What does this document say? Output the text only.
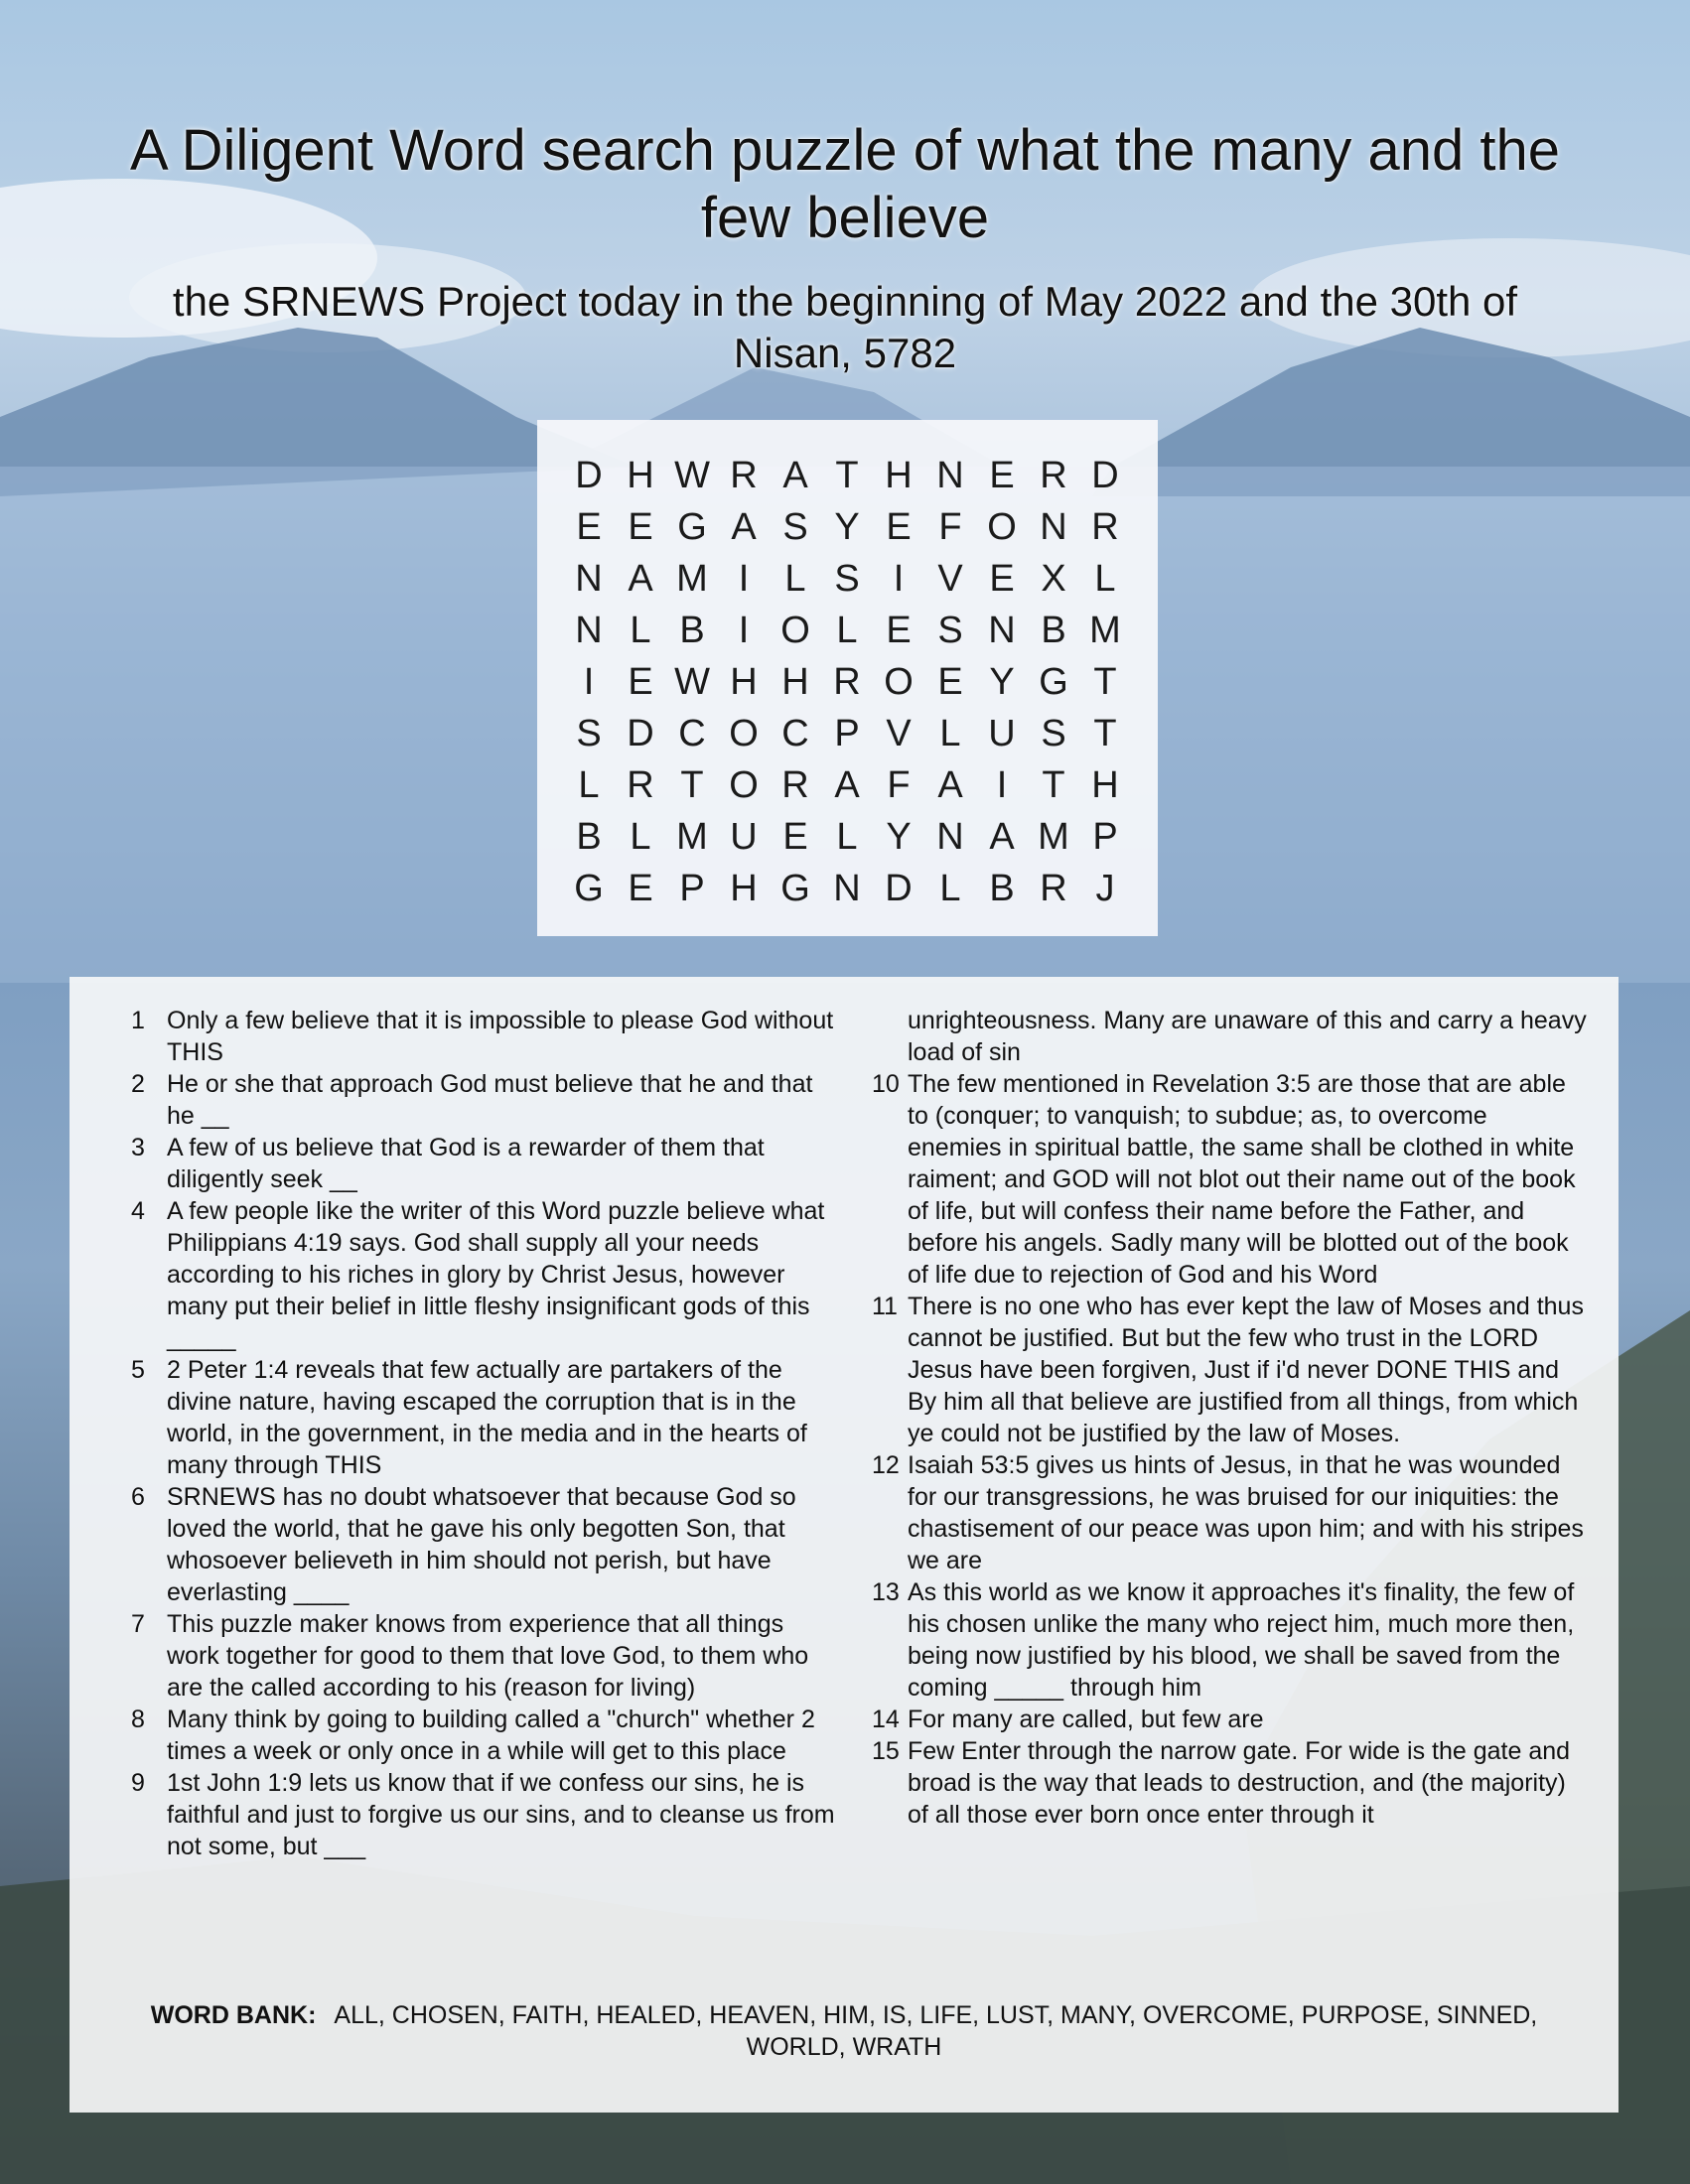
A Diligent Word search puzzle of what the many and the few believe
the SRNEWS Project today in the beginning of May 2022 and the 30th of Nisan, 5782
D H W R A T H N E R D
E E G A S Y E F O N R
N A M I L S I V E X L
N L B I O L E S N B M
I E W H H R O E Y G T
S D C O C P V L U S T
L R T O R A F A I T H
B L M U E L Y N A M P
G E P H G N D L B R J
1 Only a few believe that it is impossible to please God without THIS
2 He or she that approach God must believe that he and that he __
3 A few of us believe that God is a rewarder of them that diligently seek __
4 A few people like the writer of this Word puzzle believe what Philippians 4:19 says. God shall supply all your needs according to his riches in glory by Christ Jesus, however many put their belief in little fleshy insignificant gods of this _____
5 2 Peter 1:4 reveals that few actually are partakers of the divine nature, having escaped the corruption that is in the world, in the government, in the media and in the hearts of many through THIS
6 SRNEWS has no doubt whatsoever that because God so loved the world, that he gave his only begotten Son, that whosoever believeth in him should not perish, but have everlasting ____
7 This puzzle maker knows from experience that all things work together for good to them that love God, to them who are the called according to his (reason for living)
8 Many think by going to building called a "church" whether 2 times a week or only once in a while will get to this place
9 1st John 1:9 lets us know that if we confess our sins, he is faithful and just to forgive us our sins, and to cleanse us from not some, but ___
unrighteousness. Many are unaware of this and carry a heavy load of sin
10 The few mentioned in Revelation 3:5 are those that are able to (conquer; to vanquish; to subdue; as, to overcome enemies in spiritual battle, the same shall be clothed in white raiment; and GOD will not blot out their name out of the book of life, but will confess their name before the Father, and before his angels. Sadly many will be blotted out of the book of life due to rejection of God and his Word
11 There is no one who has ever kept the law of Moses and thus cannot be justified. But but the few who trust in the LORD Jesus have been forgiven, Just if i'd never DONE THIS and By him all that believe are justified from all things, from which ye could not be justified by the law of Moses.
12 Isaiah 53:5 gives us hints of Jesus, in that he was wounded for our transgressions, he was bruised for our iniquities: the chastisement of our peace was upon him; and with his stripes we are
13 As this world as we know it approaches it's finality, the few of his chosen unlike the many who reject him, much more then, being now justified by his blood, we shall be saved from the coming _____ through him
14 For many are called, but few are
15 Few Enter through the narrow gate. For wide is the gate and broad is the way that leads to destruction, and (the majority) of all those ever born once enter through it
WORD BANK: ALL, CHOSEN, FAITH, HEALED, HEAVEN, HIM, IS, LIFE, LUST, MANY, OVERCOME, PURPOSE, SINNED, WORLD, WRATH
